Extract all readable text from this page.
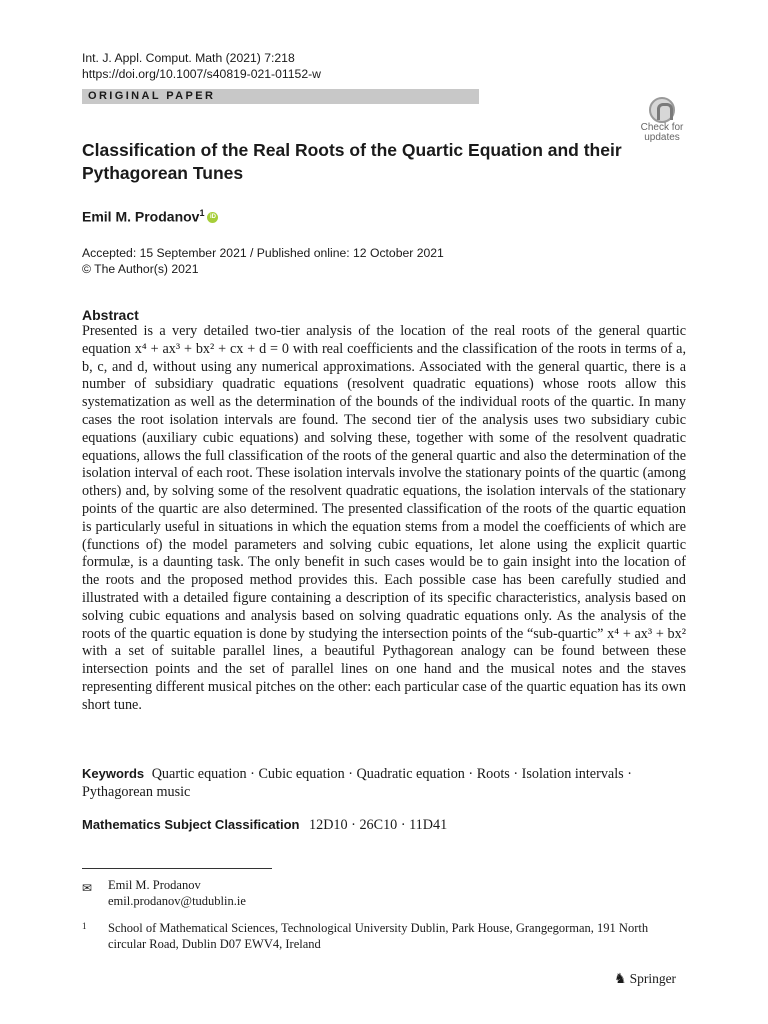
Int. J. Appl. Comput. Math (2021) 7:218
https://doi.org/10.1007/s40819-021-01152-w
ORIGINAL PAPER
Check for
updates
Classification of the Real Roots of the Quartic Equation and their Pythagorean Tunes
Emil M. Prodanov$^1$ iD
Accepted: 15 September 2021 / Published online: 12 October 2021
© The Author(s) 2021
Abstract

Presented is a very detailed two-tier analysis of the location of the real roots of the general quartic equation x⁴ + ax³ + bx² + cx + d = 0 with real coefficients and the classification of the roots in terms of a, b, c, and d, without using any numerical approximations. Associated with the general quartic, there is a number of subsidiary quadratic equations (resolvent quadratic equations) whose roots allow this systematization as well as the determination of the bounds of the individual roots of the quartic. In many cases the root isolation intervals are found. The second tier of the analysis uses two subsidiary cubic equations (auxiliary cubic equations) and solving these, together with some of the resolvent quadratic equations, allows the full classification of the roots of the general quartic and also the determination of the isolation interval of each root. These isolation intervals involve the stationary points of the quartic (among others) and, by solving some of the resolvent quadratic equations, the isolation intervals of the stationary points of the quartic are also determined. The presented classification of the roots of the quartic equation is particularly useful in situations in which the equation stems from a model the coefficients of which are (functions of) the model parameters and solving cubic equations, let alone using the explicit quartic formulæ, is a daunting task. The only benefit in such cases would be to gain insight into the location of the roots and the proposed method provides this. Each possible case has been carefully studied and illustrated with a detailed figure containing a description of its specific characteristics, analysis based on solving cubic equations and analysis based on solving quadratic equations only. As the analysis of the roots of the quartic equation is done by studying the intersection points of the “sub-quartic” x⁴ + ax³ + bx² with a set of suitable parallel lines, a beautiful Pythagorean analogy can be found between these intersection points and the set of parallel lines on one hand and the musical notes and the staves representing different musical pitches on the other: each particular case of the quartic equation has its own short tune.

Keywords Quartic equation · Cubic equation · Quadratic equation · Roots · Isolation intervals · Pythagorean music
Mathematics Subject Classification 12D10 · 26C10 · 11D41
✉ Emil M. Prodanov
emil.prodanov@tudublin.ie
1 School of Mathematical Sciences, Technological University Dublin, Park House, Grangegorman, 191 North circular Road, Dublin D07 EWV4, Ireland
♞ Springer
